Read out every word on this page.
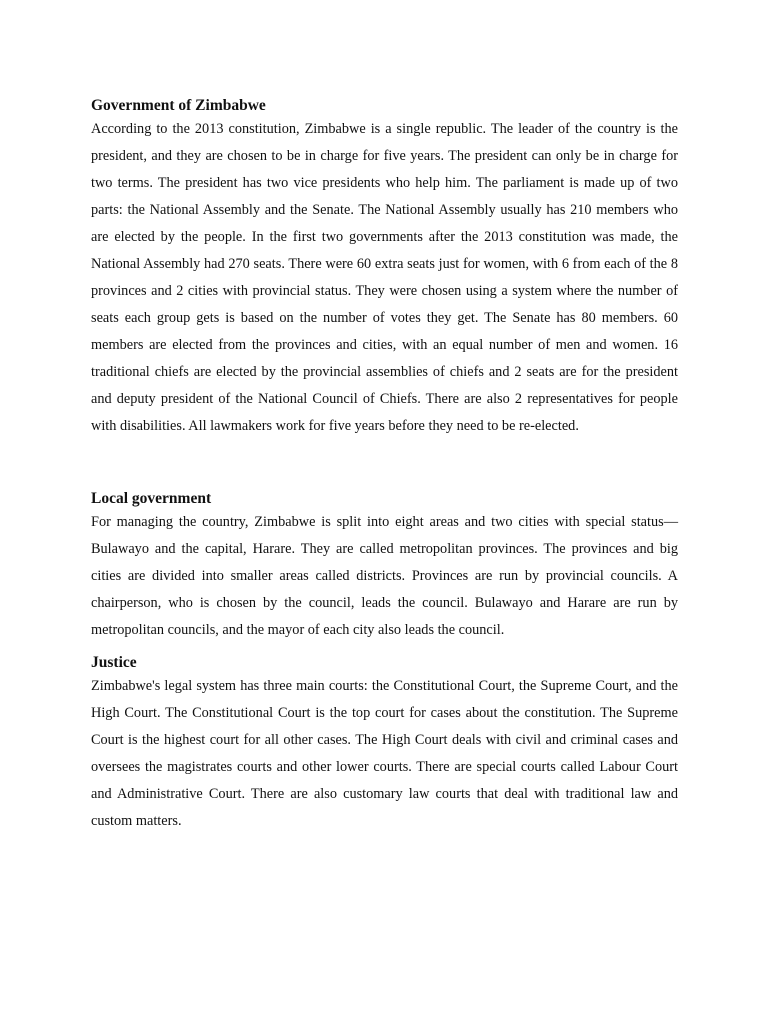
Government of Zimbabwe

According to the 2013 constitution, Zimbabwe is a single republic. The leader of the country is the president, and they are chosen to be in charge for five years. The president can only be in charge for two terms. The president has two vice presidents who help him. The parliament is made up of two parts: the National Assembly and the Senate. The National Assembly usually has 210 members who are elected by the people. In the first two governments after the 2013 constitution was made, the National Assembly had 270 seats. There were 60 extra seats just for women, with 6 from each of the 8 provinces and 2 cities with provincial status. They were chosen using a system where the number of seats each group gets is based on the number of votes they get. The Senate has 80 members. 60 members are elected from the provinces and cities, with an equal number of men and women. 16 traditional chiefs are elected by the provincial assemblies of chiefs and 2 seats are for the president and deputy president of the National Council of Chiefs. There are also 2 representatives for people with disabilities. All lawmakers work for five years before they need to be re-elected.

Local government

For managing the country, Zimbabwe is split into eight areas and two cities with special status—Bulawayo and the capital, Harare. They are called metropolitan provinces. The provinces and big cities are divided into smaller areas called districts. Provinces are run by provincial councils. A chairperson, who is chosen by the council, leads the council. Bulawayo and Harare are run by metropolitan councils, and the mayor of each city also leads the council.

Justice

Zimbabwe's legal system has three main courts: the Constitutional Court, the Supreme Court, and the High Court. The Constitutional Court is the top court for cases about the constitution. The Supreme Court is the highest court for all other cases. The High Court deals with civil and criminal cases and oversees the magistrates courts and other lower courts. There are special courts called Labour Court and Administrative Court. There are also customary law courts that deal with traditional law and custom matters.
